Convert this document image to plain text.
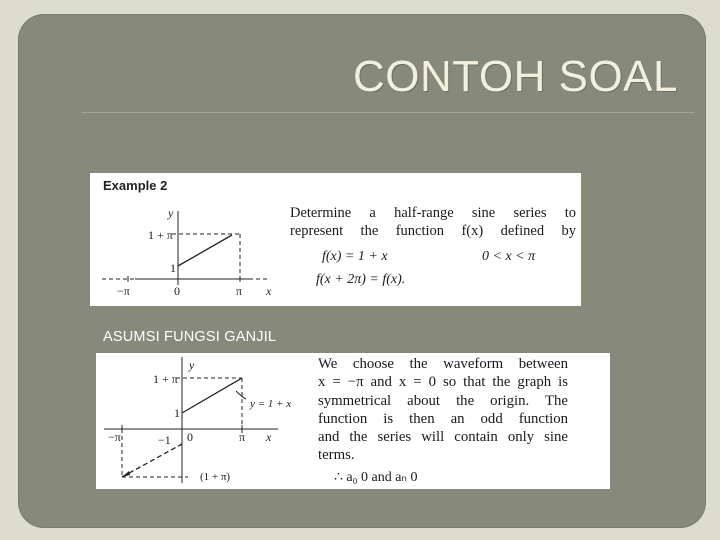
CONTOH SOAL
Example 2
y
1 + π
1
−π	0	π x
Determine a half-range sine series to
represent the function f(x) defined by
f(x) = 1 + x	0 < x < π
f(x + 2π) = f(x).
ASUMSI FUNGSI GANJIL
y
1 + π
y = 1 + x
1
−1
−π	0	π x
(1 + π)
We choose the waveform between
x = −π and x = 0 so that the graph is
symmetrical about the origin. The
function is then an odd function
and the series will contain only sine
terms.
∴ a₀ 0 and aₙ 0
